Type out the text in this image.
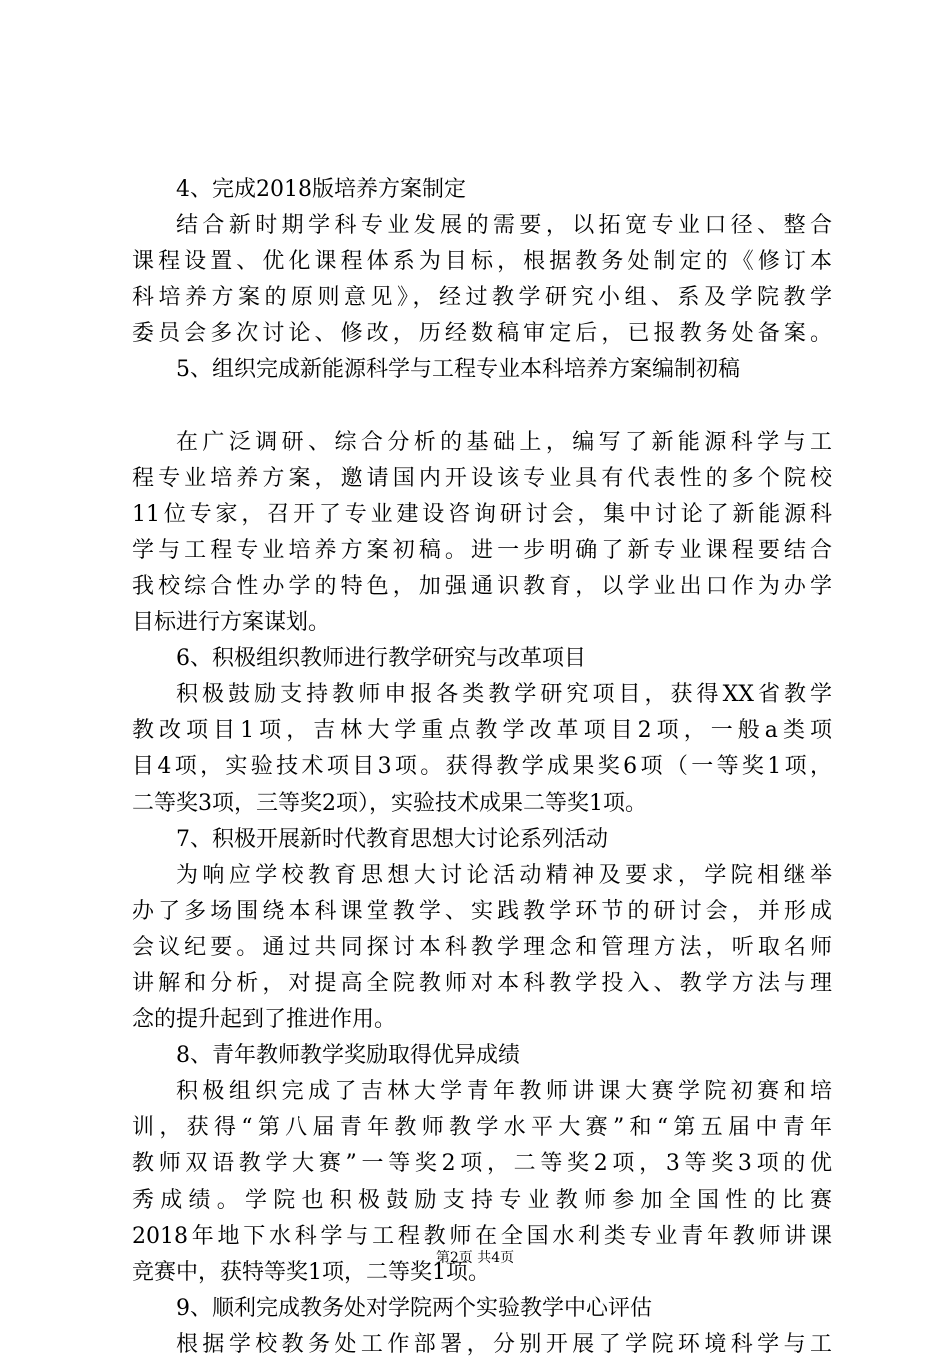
4、完成2018版培养方案制定
结合新时期学科专业发展的需要，以拓宽专业口径、整合
课程设置、优化课程体系为目标，根据教务处制定的《修订本
科培养方案的原则意见》，经过教学研究小组、系及学院教学
委员会多次讨论、修改，历经数稿审定后，已报教务处备案。
5、组织完成新能源科学与工程专业本科培养方案编制初稿
在广泛调研、综合分析的基础上，编写了新能源科学与工
程专业培养方案，邀请国内开设该专业具有代表性的多个院校
11位专家，召开了专业建设咨询研讨会，集中讨论了新能源科
学与工程专业培养方案初稿。进一步明确了新专业课程要结合
我校综合性办学的特色，加强通识教育，以学业出口作为办学
目标进行方案谋划。
6、积极组织教师进行教学研究与改革项目
积极鼓励支持教师申报各类教学研究项目，获得XX省教学
教改项目1项，吉林大学重点教学改革项目2项，一般a类项
目4项，实验技术项目3项。获得教学成果奖6项（一等奖1项，
二等奖3项，三等奖2项），实验技术成果二等奖1项。
7、积极开展新时代教育思想大讨论系列活动
为响应学校教育思想大讨论活动精神及要求，学院相继举
办了多场围绕本科课堂教学、实践教学环节的研讨会，并形成
会议纪要。通过共同探讨本科教学理念和管理方法，听取名师
讲解和分析，对提高全院教师对本科教学投入、教学方法与理
念的提升起到了推进作用。
8、青年教师教学奖励取得优异成绩
积极组织完成了吉林大学青年教师讲课大赛学院初赛和培
训，获得“第八届青年教师教学水平大赛”和“第五届中青年
教师双语教学大赛”一等奖2项，二等奖2项，3等奖3项的优
秀成绩。学院也积极鼓励支持专业教师参加全国性的比赛
2018年地下水科学与工程教师在全国水利类专业青年教师讲课
竞赛中，获特等奖1项，二等奖1项。
9、顺利完成教务处对学院两个实验教学中心评估
根据学校教务处工作部署，分别开展了学院环境科学与工
第2页 共4页
